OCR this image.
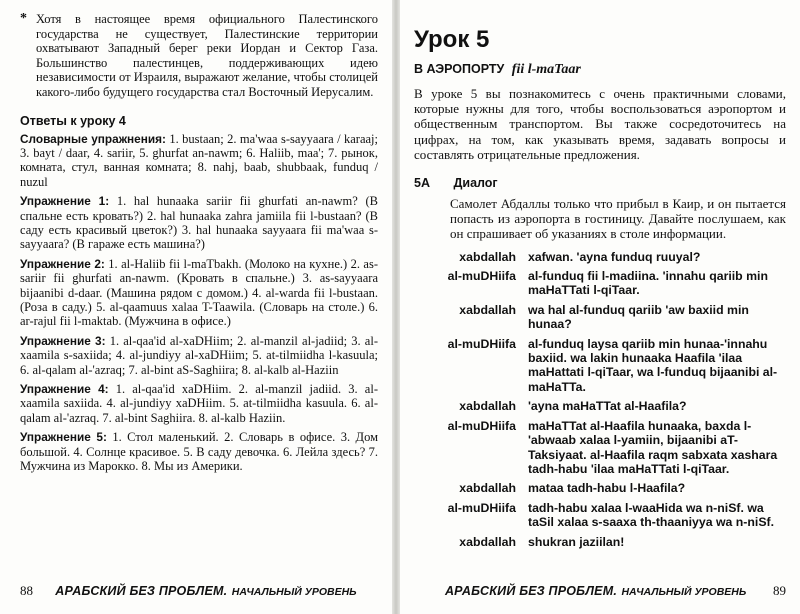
* Хотя в настоящее время официального Палестинского государства не существует, Палестинские территории охватывают Западный берег реки Иордан и Сектор Газа. Большинство палестинцев, поддерживающих идею независимости от Израиля, выражают желание, чтобы столицей какого-либо будущего государства стал Восточный Иерусалим.
Ответы к уроку 4

Словарные упражнения: 1. bustaan; 2. ma'waa s-sayyaara / karaaj; 3. bayt / daar, 4. sariir, 5. ghurfat an-nawm; 6. Haliib, maa'; 7. рынок, комната, стул, ванная комната; 8. nahj, baab, shubbaak, funduq / nuzul

Упражнение 1: 1. hal hunaaka sariir fii ghurfati an-nawm? (В спальне есть кровать?) 2. hal hunaaka zahra jamiila fii l-bustaan? (В саду есть красивый цветок?) 3. hal hunaaka sayyaara fii ma'waa s-sayyaara? (В гараже есть машина?)

Упражнение 2: 1. al-Haliib fii l-maTbakh. (Молоко на кухне.) 2. as-sariir fii ghurfati an-nawm. (Кровать в спальне.) 3. as-sayyaara bijaanibi d-daar. (Машина рядом с домом.) 4. al-warda fii l-bustaan. (Роза в саду.) 5. al-qaamuus xalaa T-Taawila. (Словарь на столе.) 6. ar-rajul fii l-maktab. (Мужчина в офисе.)

Упражнение 3: 1. al-qaa'id al-xaDHiim; 2. al-manzil al-jadiid; 3. al-xaamila s-saxiida; 4. al-jundiyy al-xaDHiim; 5. at-tilmiidha l-kasuula; 6. al-qalam al-'azraq; 7. al-bint aS-Saghiira; 8. al-kalb al-Haziin

Упражнение 4: 1. al-qaa'id xaDHiim. 2. al-manzil jadiid. 3. al-xaamila saxiida. 4. al-jundiyy xaDHiim. 5. at-tilmiidha kasuula. 6. al-qalam al-'azraq. 7. al-bint Saghiira. 8. al-kalb Haziin.

Упражнение 5: 1. Стол маленький. 2. Словарь в офисе. 3. Дом большой. 4. Солнце красивое. 5. В саду девочка. 6. Лейла здесь? 7. Мужчина из Марокко. 8. Мы из Америки.

88 АРАБСКИЙ БЕЗ ПРОБЛЕМ. НАЧАЛЬНЫЙ УРОВЕНЬ
Урок 5
В АЭРОПОРТУ fii l-maTaar

В уроке 5 вы познакомитесь с очень практичными словами, которые нужны для того, чтобы воспользоваться аэропортом и общественным транспортом. Вы также сосредоточитесь на цифрах, на том, как указывать время, задавать вопросы и составлять отрицательные предложения.

5A Диалог

Самолет Абдаллы только что прибыл в Каир, и он пытается попасть из аэропорта в гостиницу. Давайте послушаем, как он спрашивает об указаниях в столе информации.

xabdallah xafwan. 'ayna funduq ruuyal?
al-muDHiifa al-funduq fii l-madiina. 'innahu qariib min maHaTTati l-qiTaar.
xabdallah wa hal al-funduq qariib 'aw baxiid min hunaa?
al-muDHiifa al-funduq laysa qariib min hunaa-'innahu baxiid. wa lakin hunaaka Haafila 'ilaa maHattati l-qiTaar, wa l-funduq bijaanibi al-maHaTTa.
xabdallah 'ayna maHaTTat al-Haafila?
al-muDHiifa maHaTTat al-Haafila hunaaka, baxda l-'abwaab xalaa l-yamiin, bijaanibi aT-Taksiyaat. al-Haafila raqm sabxata xashara tadh-habu 'ilaa maHaTTati l-qiTaar.
xabdallah mataa tadh-habu l-Haafila?
al-muDHiifa tadh-habu xalaa l-waaHida wa n-niSf. wa taSil xalaa s-saaxa th-thaaniyya wa n-niSf.
xabdallah shukran jaziilan!
АРАБСКИЙ БЕЗ ПРОБЛЕМ. НАЧАЛЬНЫЙ УРОВЕНЬ 89
